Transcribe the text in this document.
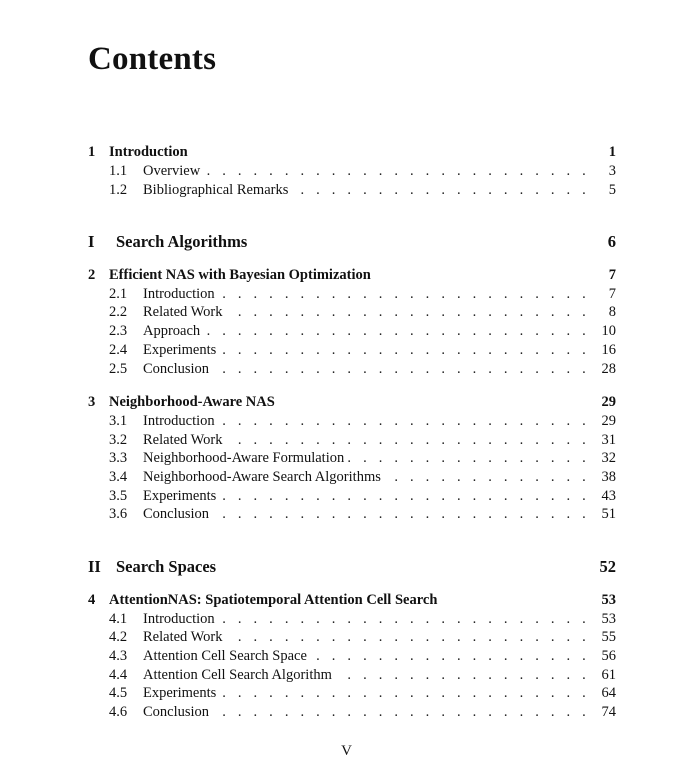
Contents
1 Introduction	1
1.1 Overview . . .	3
1.2 Bibliographical Remarks . . .	5
I Search Algorithms	6
2 Efficient NAS with Bayesian Optimization	7
2.1 Introduction . . .	7
2.2 Related Work . . .	8
2.3 Approach . . .	10
2.4 Experiments . . .	16
2.5 Conclusion . . .	28
3 Neighborhood-Aware NAS	29
3.1 Introduction . . .	29
3.2 Related Work . . .	31
3.3 Neighborhood-Aware Formulation . . .	32
3.4 Neighborhood-Aware Search Algorithms . . .	38
3.5 Experiments . . .	43
3.6 Conclusion . . .	51
II Search Spaces	52
4 AttentionNAS: Spatiotemporal Attention Cell Search	53
4.1 Introduction . . .	53
4.2 Related Work . . .	55
4.3 Attention Cell Search Space . . .	56
4.4 Attention Cell Search Algorithm . . .	61
4.5 Experiments . . .	64
4.6 Conclusion . . .	74
V
